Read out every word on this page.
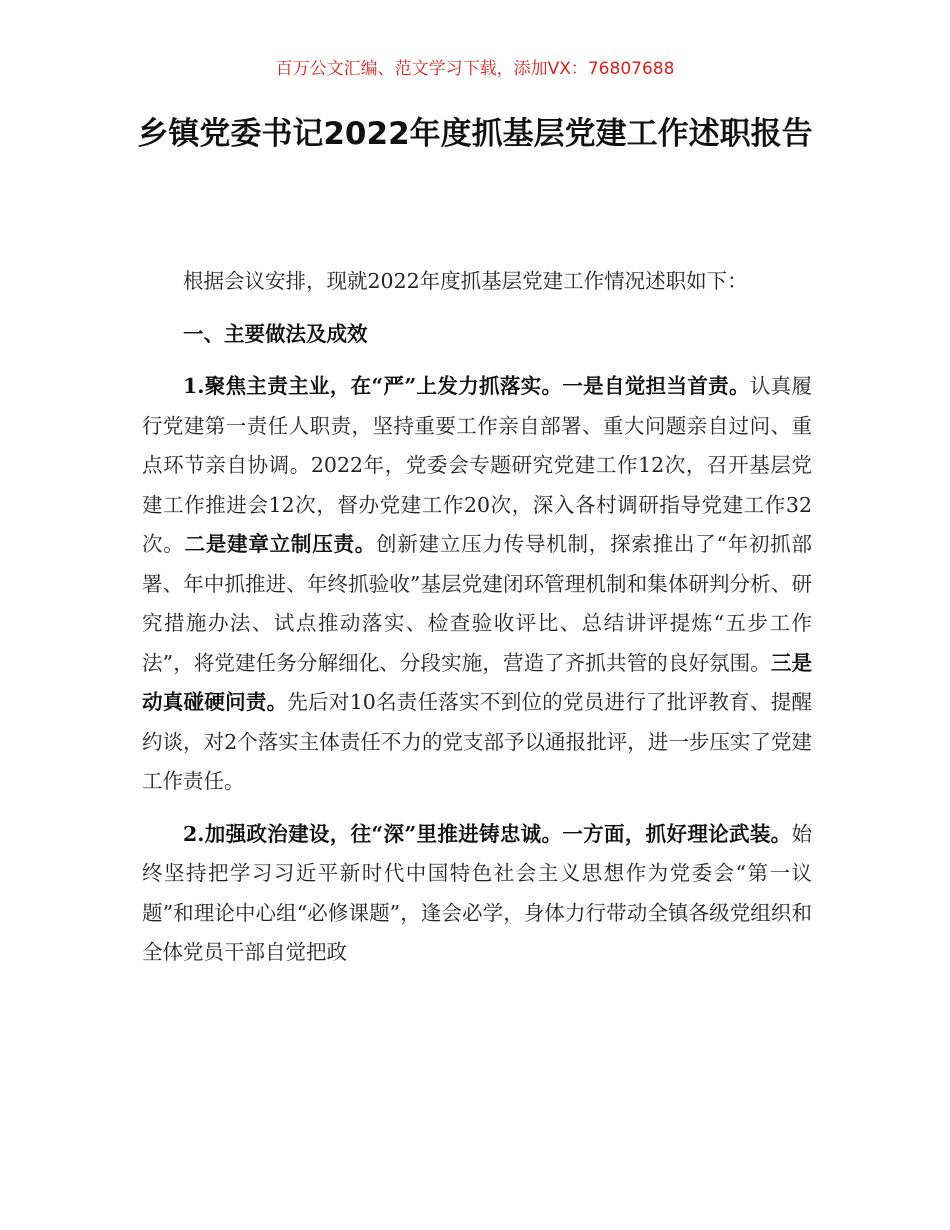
百万公文汇编、范文学习下载，添加VX：76807688
乡镇党委书记2022年度抓基层党建工作述职报告

根据会议安排，现就2022年度抓基层党建工作情况述职如下：

一、主要做法及成效

1.聚焦主责主业，在“严”上发力抓落实。一是自觉担当首责。认真履行党建第一责任人职责，坚持重要工作亲自部署、重大问题亲自过问、重点环节亲自协调。2022年，党委会专题研究党建工作12次，召开基层党建工作推进会12次，督办党建工作20次，深入各村调研指导党建工作32次。二是建章立制压责。创新建立压力传导机制，探索推出了“年初抓部署、年中抓推进、年终抓验收”基层党建闭环管理机制和集体研判分析、研究措施办法、试点推动落实、检查验收评比、总结讲评提炼“五步工作法”，将党建任务分解细化、分段实施，营造了齐抓共管的良好氛围。三是动真碰硬问责。先后对10名责任落实不到位的党员进行了批评教育、提醒约谈，对2个落实主体责任不力的党支部予以通报批评，进一步压实了党建工作责任。

2.加强政治建设，往“深”里推进铸忠诚。一方面，抓好理论武装。始终坚持把学习习近平新时代中国特色社会主义思想作为党委会“第一议题”和理论中心组“必修课题”，逢会必学，身体力行带动全镇各级党组织和全体党员干部自觉把政
